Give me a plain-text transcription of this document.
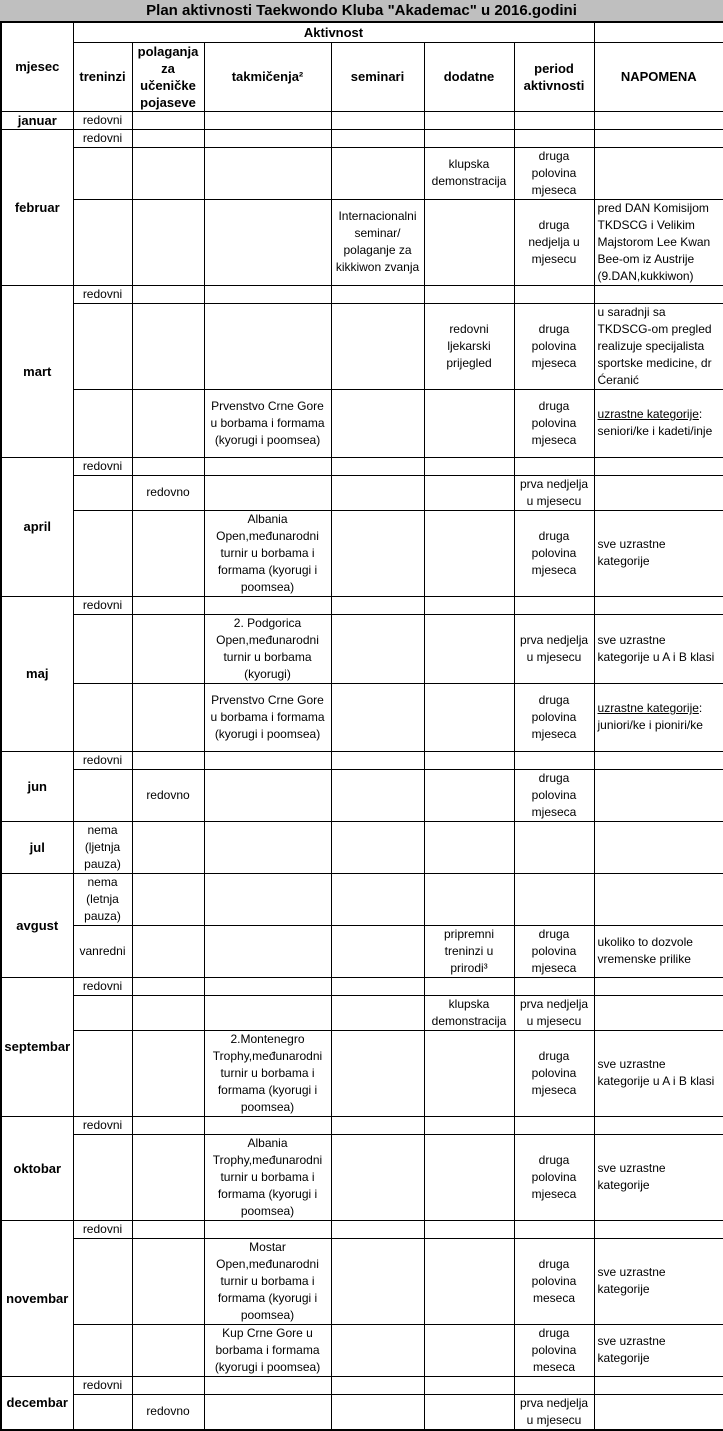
Plan aktivnosti Taekwondo Kluba "Akademac" u 2016.godini
mjesec	Aktivnost						
	treninzi	polaganja za učeničke pojaseve	takmičenja²	seminari	dodatne	period aktivnosti	NAPOMENA
januar	redovni						
februar	redovni						
					klupska demonstracija	druga polovina mjeseca	
				Internacionalni seminar/ polaganje za kikkiwon zvanja		druga nedjelja u mjesecu	pred DAN Komisijom TKDSCG i Velikim Majstorom Lee Kwan Bee-om iz Austrije (9.DAN,kukkiwon)
mart	redovni						
					redovni ljekarski prijegled	druga polovina mjeseca	u saradnji sa TKDSCG-om pregled realizuje specijalista sportske medicine, dr Ćeranić
			Prvenstvo Crne Gore u borbama i formama (kyorugi i poomsea)			druga polovina mjeseca	uzrastne kategorije: seniori/ke i kadeti/inje
april	redovni						
		redovno				prva nedjelja u mjesecu	
			Albania Open,međunarodni turnir u borbama i formama (kyorugi i poomsea)			druga polovina mjeseca	sve uzrastne kategorije
maj	redovni						
			2. Podgorica Open,međunarodni turnir u borbama (kyorugi)			prva nedjelja u mjesecu	sve uzrastne kategorije u A i B klasi
			Prvenstvo Crne Gore u borbama i formama (kyorugi i poomsea)			druga polovina mjeseca	uzrastne kategorije: juniori/ke i pioniri/ke
jun	redovni						
		redovno				druga polovina mjeseca	
jul	nema (ljetnja pauza)						
avgust	nema (letnja pauza)						
	vanredni				pripremni treninzi u prirodi³	druga polovina mjeseca	ukoliko to dozvole vremenske prilike
septembar	redovni						
					klupska demonstracija	prva nedjelja u mjesecu	
			2.Montenegro Trophy,međunarodni turnir u borbama i formama (kyorugi i poomsea)			druga polovina mjeseca	sve uzrastne kategorije u A i B klasi
oktobar	redovni						
			Albania Trophy,međunarodni turnir u borbama i formama (kyorugi i poomsea)			druga polovina mjeseca	sve uzrastne kategorije
novembar	redovni						
			Mostar Open,međunarodni turnir u borbama i formama (kyorugi i poomsea)			druga polovina meseca	sve uzrastne kategorije
			Kup Crne Gore u borbama i formama (kyorugi i poomsea)			druga polovina meseca	sve uzrastne kategorije
decembar	redovni						
		redovno				prva nedjelja u mjesecu	
